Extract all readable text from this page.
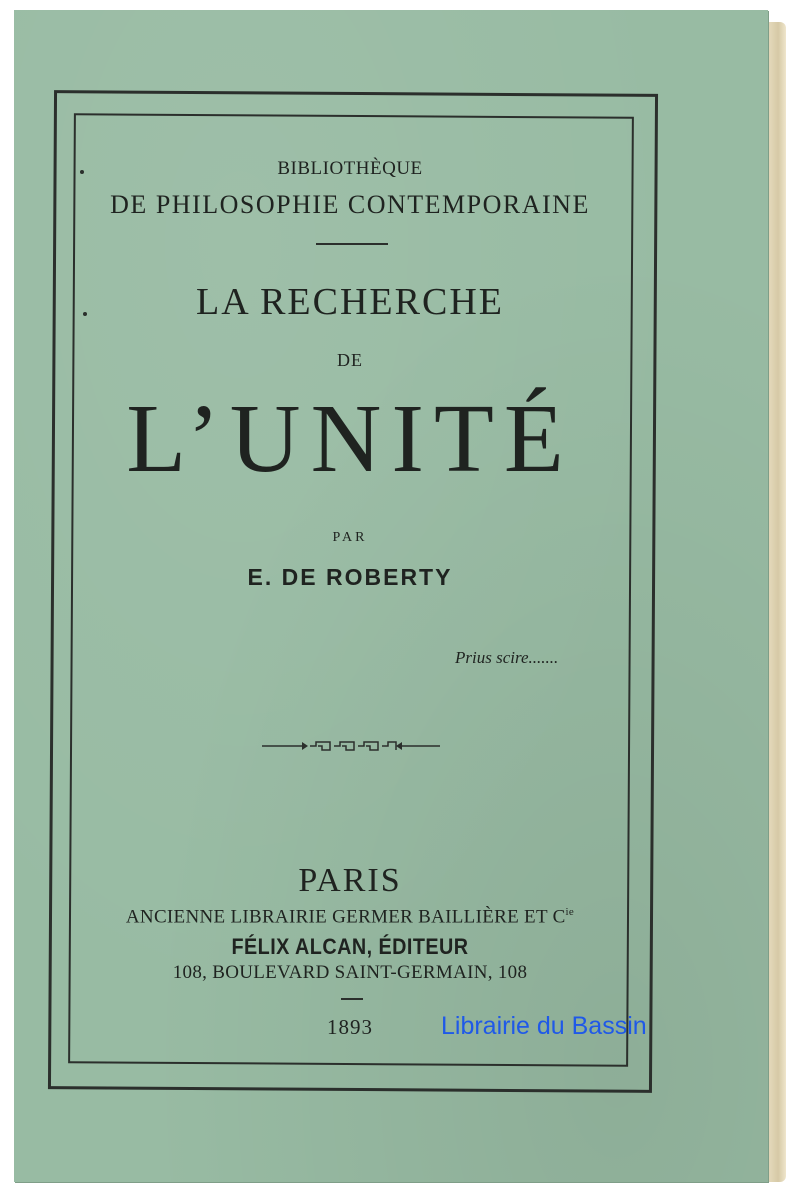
BIBLIOTHÈQUE
DE PHILOSOPHIE CONTEMPORAINE
LA RECHERCHE
DE
L’UNITÉ
PAR
E. DE ROBERTY
Prius scire.......
PARIS
ANCIENNE LIBRAIRIE GERMER BAILLIÈRE ET $C^{ie}$
FÉLIX ALCAN, ÉDITEUR
108, BOULEVARD SAINT-GERMAIN, 108
1893	Librairie du Bassin
